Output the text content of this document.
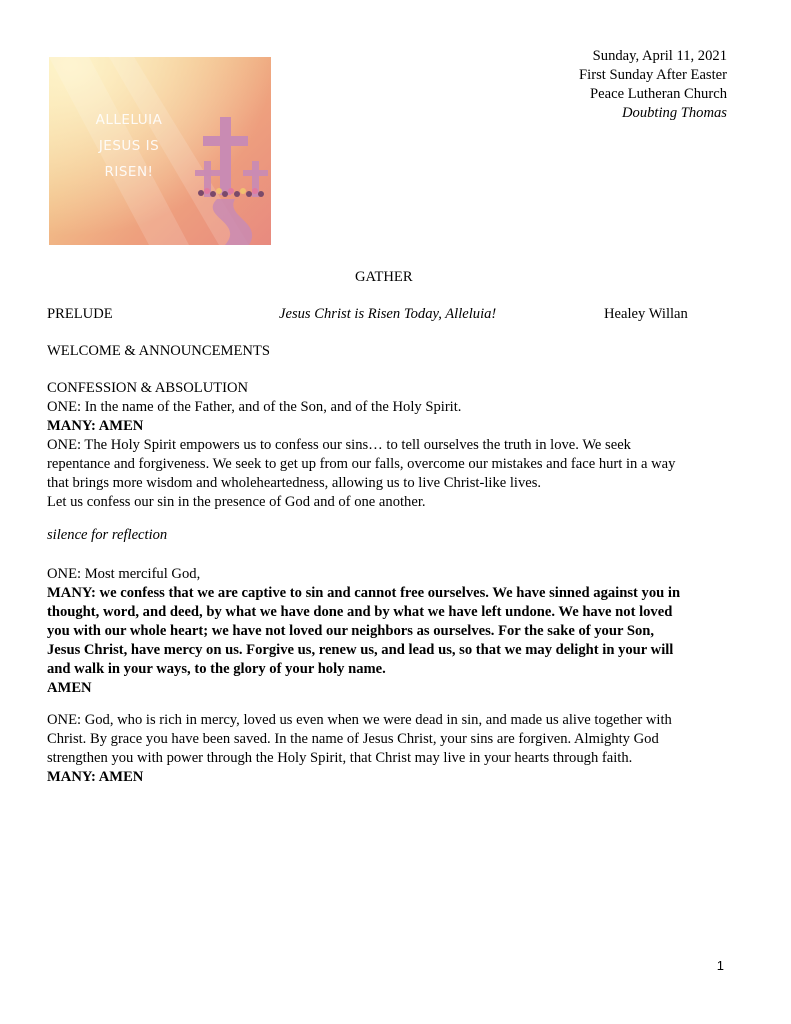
ALLELUIA
JESUS IS
RISEN!
Sunday, April 11, 2021
First Sunday After Easter
Peace Lutheran Church
Doubting Thomas
GATHER
PRELUDE	Jesus Christ is Risen Today, Alleluia!	Healey Willan
WELCOME & ANNOUNCEMENTS
CONFESSION & ABSOLUTION
ONE: In the name of the Father, and of the Son, and of the Holy Spirit.
MANY: AMEN
ONE: The Holy Spirit empowers us to confess our sins… to tell ourselves the truth in love. We seek
repentance and forgiveness. We seek to get up from our falls, overcome our mistakes and face hurt in a way
that brings more wisdom and wholeheartedness, allowing us to live Christ-like lives.
Let us confess our sin in the presence of God and of one another.
silence for reflection
ONE: Most merciful God,
MANY: we confess that we are captive to sin and cannot free ourselves. We have sinned against you in
thought, word, and deed, by what we have done and by what we have left undone. We have not loved
you with our whole heart; we have not loved our neighbors as ourselves. For the sake of your Son,
Jesus Christ, have mercy on us. Forgive us, renew us, and lead us, so that we may delight in your will
and walk in your ways, to the glory of your holy name.
AMEN
ONE: God, who is rich in mercy, loved us even when we were dead in sin, and made us alive together with
Christ. By grace you have been saved. In the name of Jesus Christ, your sins are forgiven. Almighty God
strengthen you with power through the Holy Spirit, that Christ may live in your hearts through faith.
MANY: AMEN
1
